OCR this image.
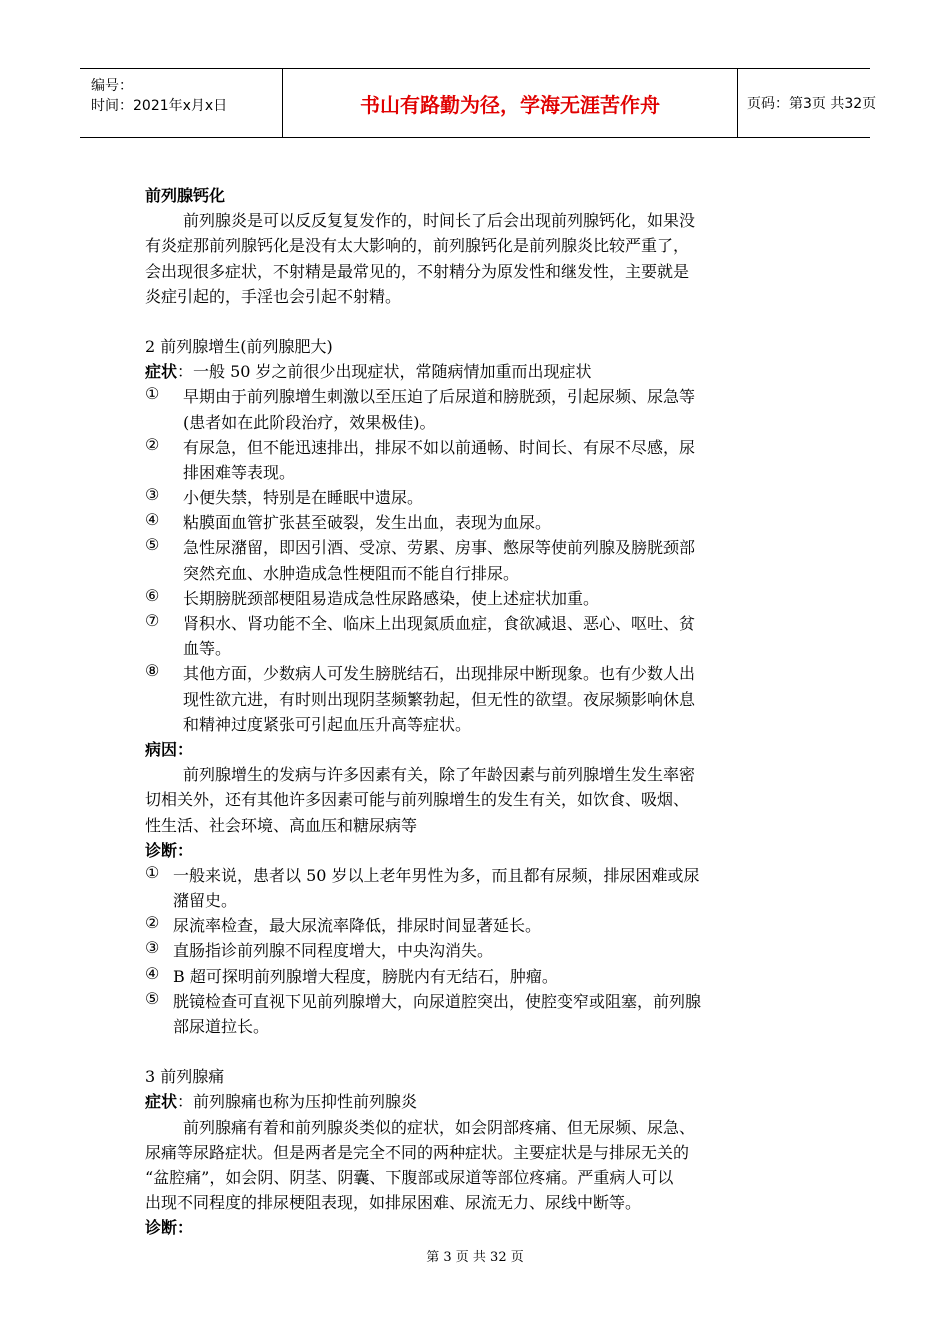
编号：
时间：2021年x月x日	书山有路勤为径，学海无涯苦作舟	页码：第3页 共32页
前列腺钙化
前列腺炎是可以反反复复发作的，时间长了后会出现前列腺钙化，如果没
有炎症那前列腺钙化是没有太大影响的，前列腺钙化是前列腺炎比较严重了，
会出现很多症状，不射精是最常见的，不射精分为原发性和继发性，主要就是
炎症引起的，手淫也会引起不射精。
2 前列腺增生(前列腺肥大)
症状：一般 50 岁之前很少出现症状，常随病情加重而出现症状
①	早期由于前列腺增生刺激以至压迫了后尿道和膀胱颈，引起尿频、尿急等
(患者如在此阶段治疗，效果极佳)。
②	有尿急，但不能迅速排出，排尿不如以前通畅、时间长、有尿不尽感，尿
排困难等表现。
③	小便失禁，特别是在睡眠中遗尿。
④	粘膜面血管扩张甚至破裂，发生出血，表现为血尿。
⑤	急性尿潴留，即因引酒、受凉、劳累、房事、憋尿等使前列腺及膀胱颈部
突然充血、水肿造成急性梗阻而不能自行排尿。
⑥	长期膀胱颈部梗阻易造成急性尿路感染，使上述症状加重。
⑦	肾积水、肾功能不全、临床上出现氮质血症，食欲减退、恶心、呕吐、贫
血等。
⑧	其他方面，少数病人可发生膀胱结石，出现排尿中断现象。也有少数人出
现性欲亢进，有时则出现阴茎频繁勃起，但无性的欲望。夜尿频影响休息
和精神过度紧张可引起血压升高等症状。
病因：
前列腺增生的发病与许多因素有关，除了年龄因素与前列腺增生发生率密
切相关外，还有其他许多因素可能与前列腺增生的发生有关，如饮食、吸烟、
性生活、社会环境、高血压和糖尿病等
诊断：
① 一般来说，患者以 50 岁以上老年男性为多，而且都有尿频，排尿困难或尿
潴留史。
② 尿流率检查，最大尿流率降低，排尿时间显著延长。
③ 直肠指诊前列腺不同程度增大，中央沟消失。
④ B 超可探明前列腺增大程度，膀胱内有无结石，肿瘤。
⑤ 胱镜检查可直视下见前列腺增大，向尿道腔突出，使腔变窄或阻塞，前列腺
部尿道拉长。
3 前列腺痛
症状：前列腺痛也称为压抑性前列腺炎
前列腺痛有着和前列腺炎类似的症状，如会阴部疼痛、但无尿频、尿急、
尿痛等尿路症状。但是两者是完全不同的两种症状。主要症状是与排尿无关的
“盆腔痛”，如会阴、阴茎、阴囊、下腹部或尿道等部位疼痛。严重病人可以
出现不同程度的排尿梗阻表现，如排尿困难、尿流无力、尿线中断等。
诊断：
第 3 页 共 32 页
